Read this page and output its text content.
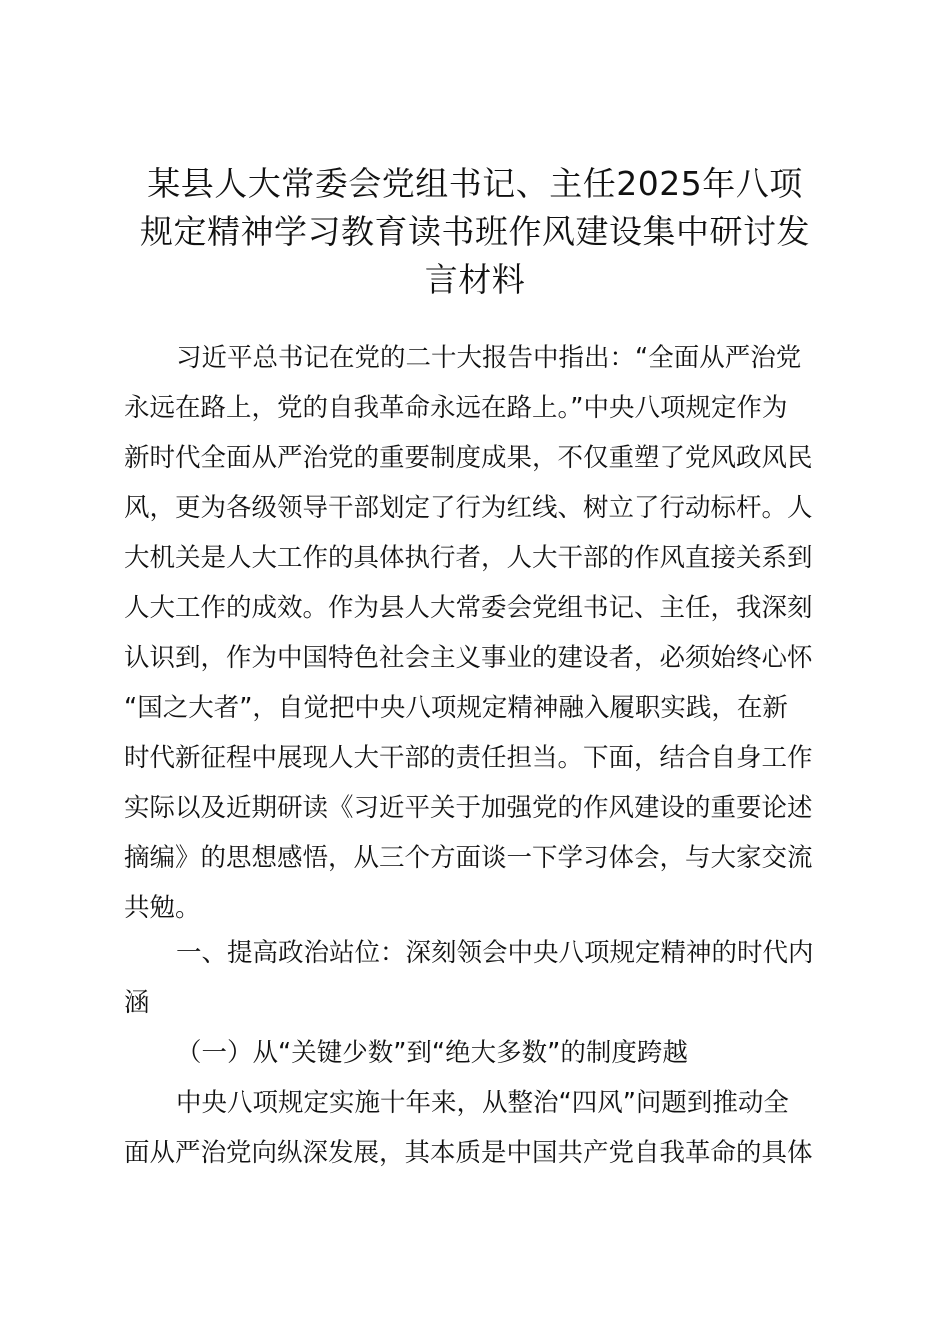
某县人大常委会党组书记、主任2025年八项
规定精神学习教育读书班作风建设集中研讨发
言材料
习近平总书记在党的二十大报告中指出：“全面从严治党
永远在路上，党的自我革命永远在路上。”中央八项规定作为
新时代全面从严治党的重要制度成果，不仅重塑了党风政风民
风，更为各级领导干部划定了行为红线、树立了行动标杆。人
大机关是人大工作的具体执行者，人大干部的作风直接关系到
人大工作的成效。作为县人大常委会党组书记、主任，我深刻
认识到，作为中国特色社会主义事业的建设者，必须始终心怀
“国之大者”，自觉把中央八项规定精神融入履职实践，在新
时代新征程中展现人大干部的责任担当。下面，结合自身工作
实际以及近期研读《习近平关于加强党的作风建设的重要论述
摘编》的思想感悟，从三个方面谈一下学习体会，与大家交流
共勉。
一、提高政治站位：深刻领会中央八项规定精神的时代内
涵
（一）从“关键少数”到“绝大多数”的制度跨越
中央八项规定实施十年来，从整治“四风”问题到推动全
面从严治党向纵深发展，其本质是中国共产党自我革命的具体
